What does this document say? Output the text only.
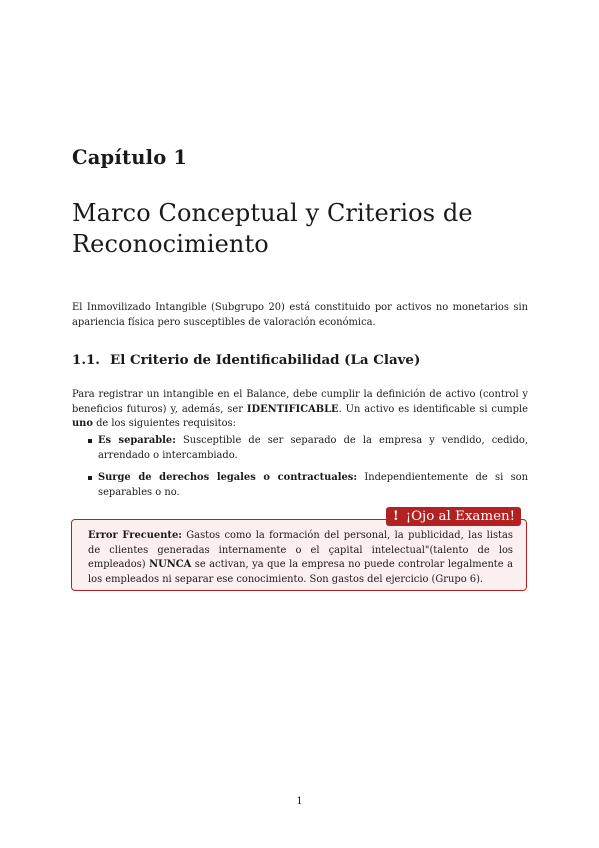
Capítulo 1
Marco Conceptual y Criterios de Reconocimiento

El Inmovilizado Intangible (Subgrupo 20) está constituido por activos no monetarios sin apariencia física pero susceptibles de valoración económica.

1.1. El Criterio de Identificabilidad (La Clave)

Para registrar un intangible en el Balance, debe cumplir la definición de activo (control y beneficios futuros) y, además, ser IDENTIFICABLE. Un activo es identificable si cumple uno de los siguientes requisitos:

Es separable: Susceptible de ser separado de la empresa y vendido, cedido, arrendado o intercambiado.
Surge de derechos legales o contractuales: Independientemente de si son separables o no.
! ¡Ojo al Examen!

Error Frecuente: Gastos como la formación del personal, la publicidad, las listas de clientes generadas internamente o el çapital intelectual"(talento de los empleados) NUNCA se activan, ya que la empresa no puede controlar legalmente a los empleados ni separar ese conocimiento. Son gastos del ejercicio (Grupo 6).

1
